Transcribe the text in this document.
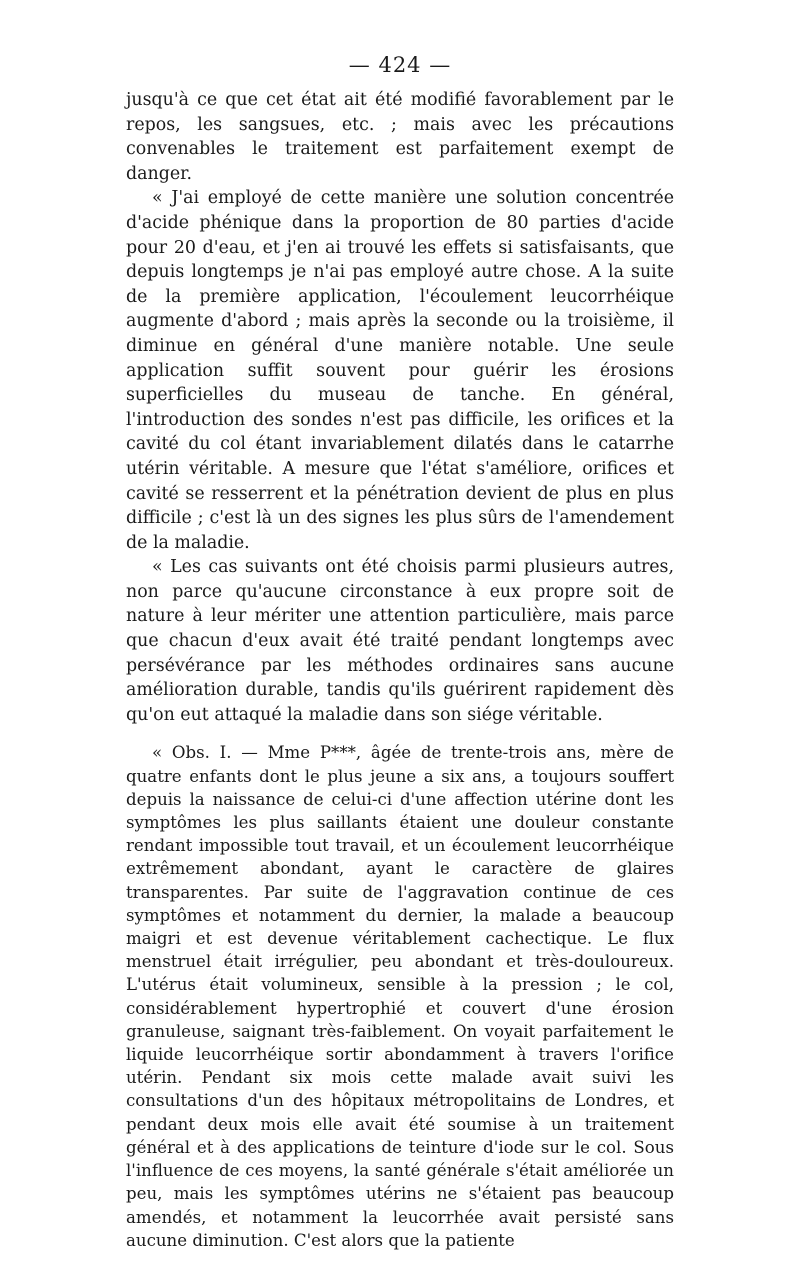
— 424 —

jusqu'à ce que cet état ait été modifié favorablement par le repos, les sangsues, etc. ; mais avec les précautions convenables le traitement est parfaitement exempt de danger.

« J'ai employé de cette manière une solution concentrée d'acide phénique dans la proportion de 80 parties d'acide pour 20 d'eau, et j'en ai trouvé les effets si satisfaisants, que depuis longtemps je n'ai pas employé autre chose. A la suite de la première application, l'écoulement leucorrhéique augmente d'abord ; mais après la seconde ou la troisième, il diminue en général d'une manière notable. Une seule application suffit souvent pour guérir les érosions superficielles du museau de tanche. En général, l'introduction des sondes n'est pas difficile, les orifices et la cavité du col étant invariablement dilatés dans le catarrhe utérin véritable. A mesure que l'état s'améliore, orifices et cavité se resserrent et la pénétration devient de plus en plus difficile ; c'est là un des signes les plus sûrs de l'amendement de la maladie.

« Les cas suivants ont été choisis parmi plusieurs autres, non parce qu'aucune circonstance à eux propre soit de nature à leur mériter une attention particulière, mais parce que chacun d'eux avait été traité pendant longtemps avec persévérance par les méthodes ordinaires sans aucune amélioration durable, tandis qu'ils guérirent rapidement dès qu'on eut attaqué la maladie dans son siége véritable.

« Obs. I. — Mme P***, âgée de trente-trois ans, mère de quatre enfants dont le plus jeune a six ans, a toujours souffert depuis la naissance de celui-ci d'une affection utérine dont les symptômes les plus saillants étaient une douleur constante rendant impossible tout travail, et un écoulement leucorrhéique extrêmement abondant, ayant le caractère de glaires transparentes. Par suite de l'aggravation continue de ces symptômes et notamment du dernier, la malade a beaucoup maigri et est devenue véritablement cachectique. Le flux menstruel était irrégulier, peu abondant et très-douloureux. L'utérus était volumineux, sensible à la pression ; le col, considérablement hypertrophié et couvert d'une érosion granuleuse, saignant très-faiblement. On voyait parfaitement le liquide leucorrhéique sortir abondamment à travers l'orifice utérin. Pendant six mois cette malade avait suivi les consultations d'un des hôpitaux métropolitains de Londres, et pendant deux mois elle avait été soumise à un traitement général et à des applications de teinture d'iode sur le col. Sous l'influence de ces moyens, la santé générale s'était améliorée un peu, mais les symptômes utérins ne s'étaient pas beaucoup amendés, et notamment la leucorrhée avait persisté sans aucune diminution. C'est alors que la patiente
